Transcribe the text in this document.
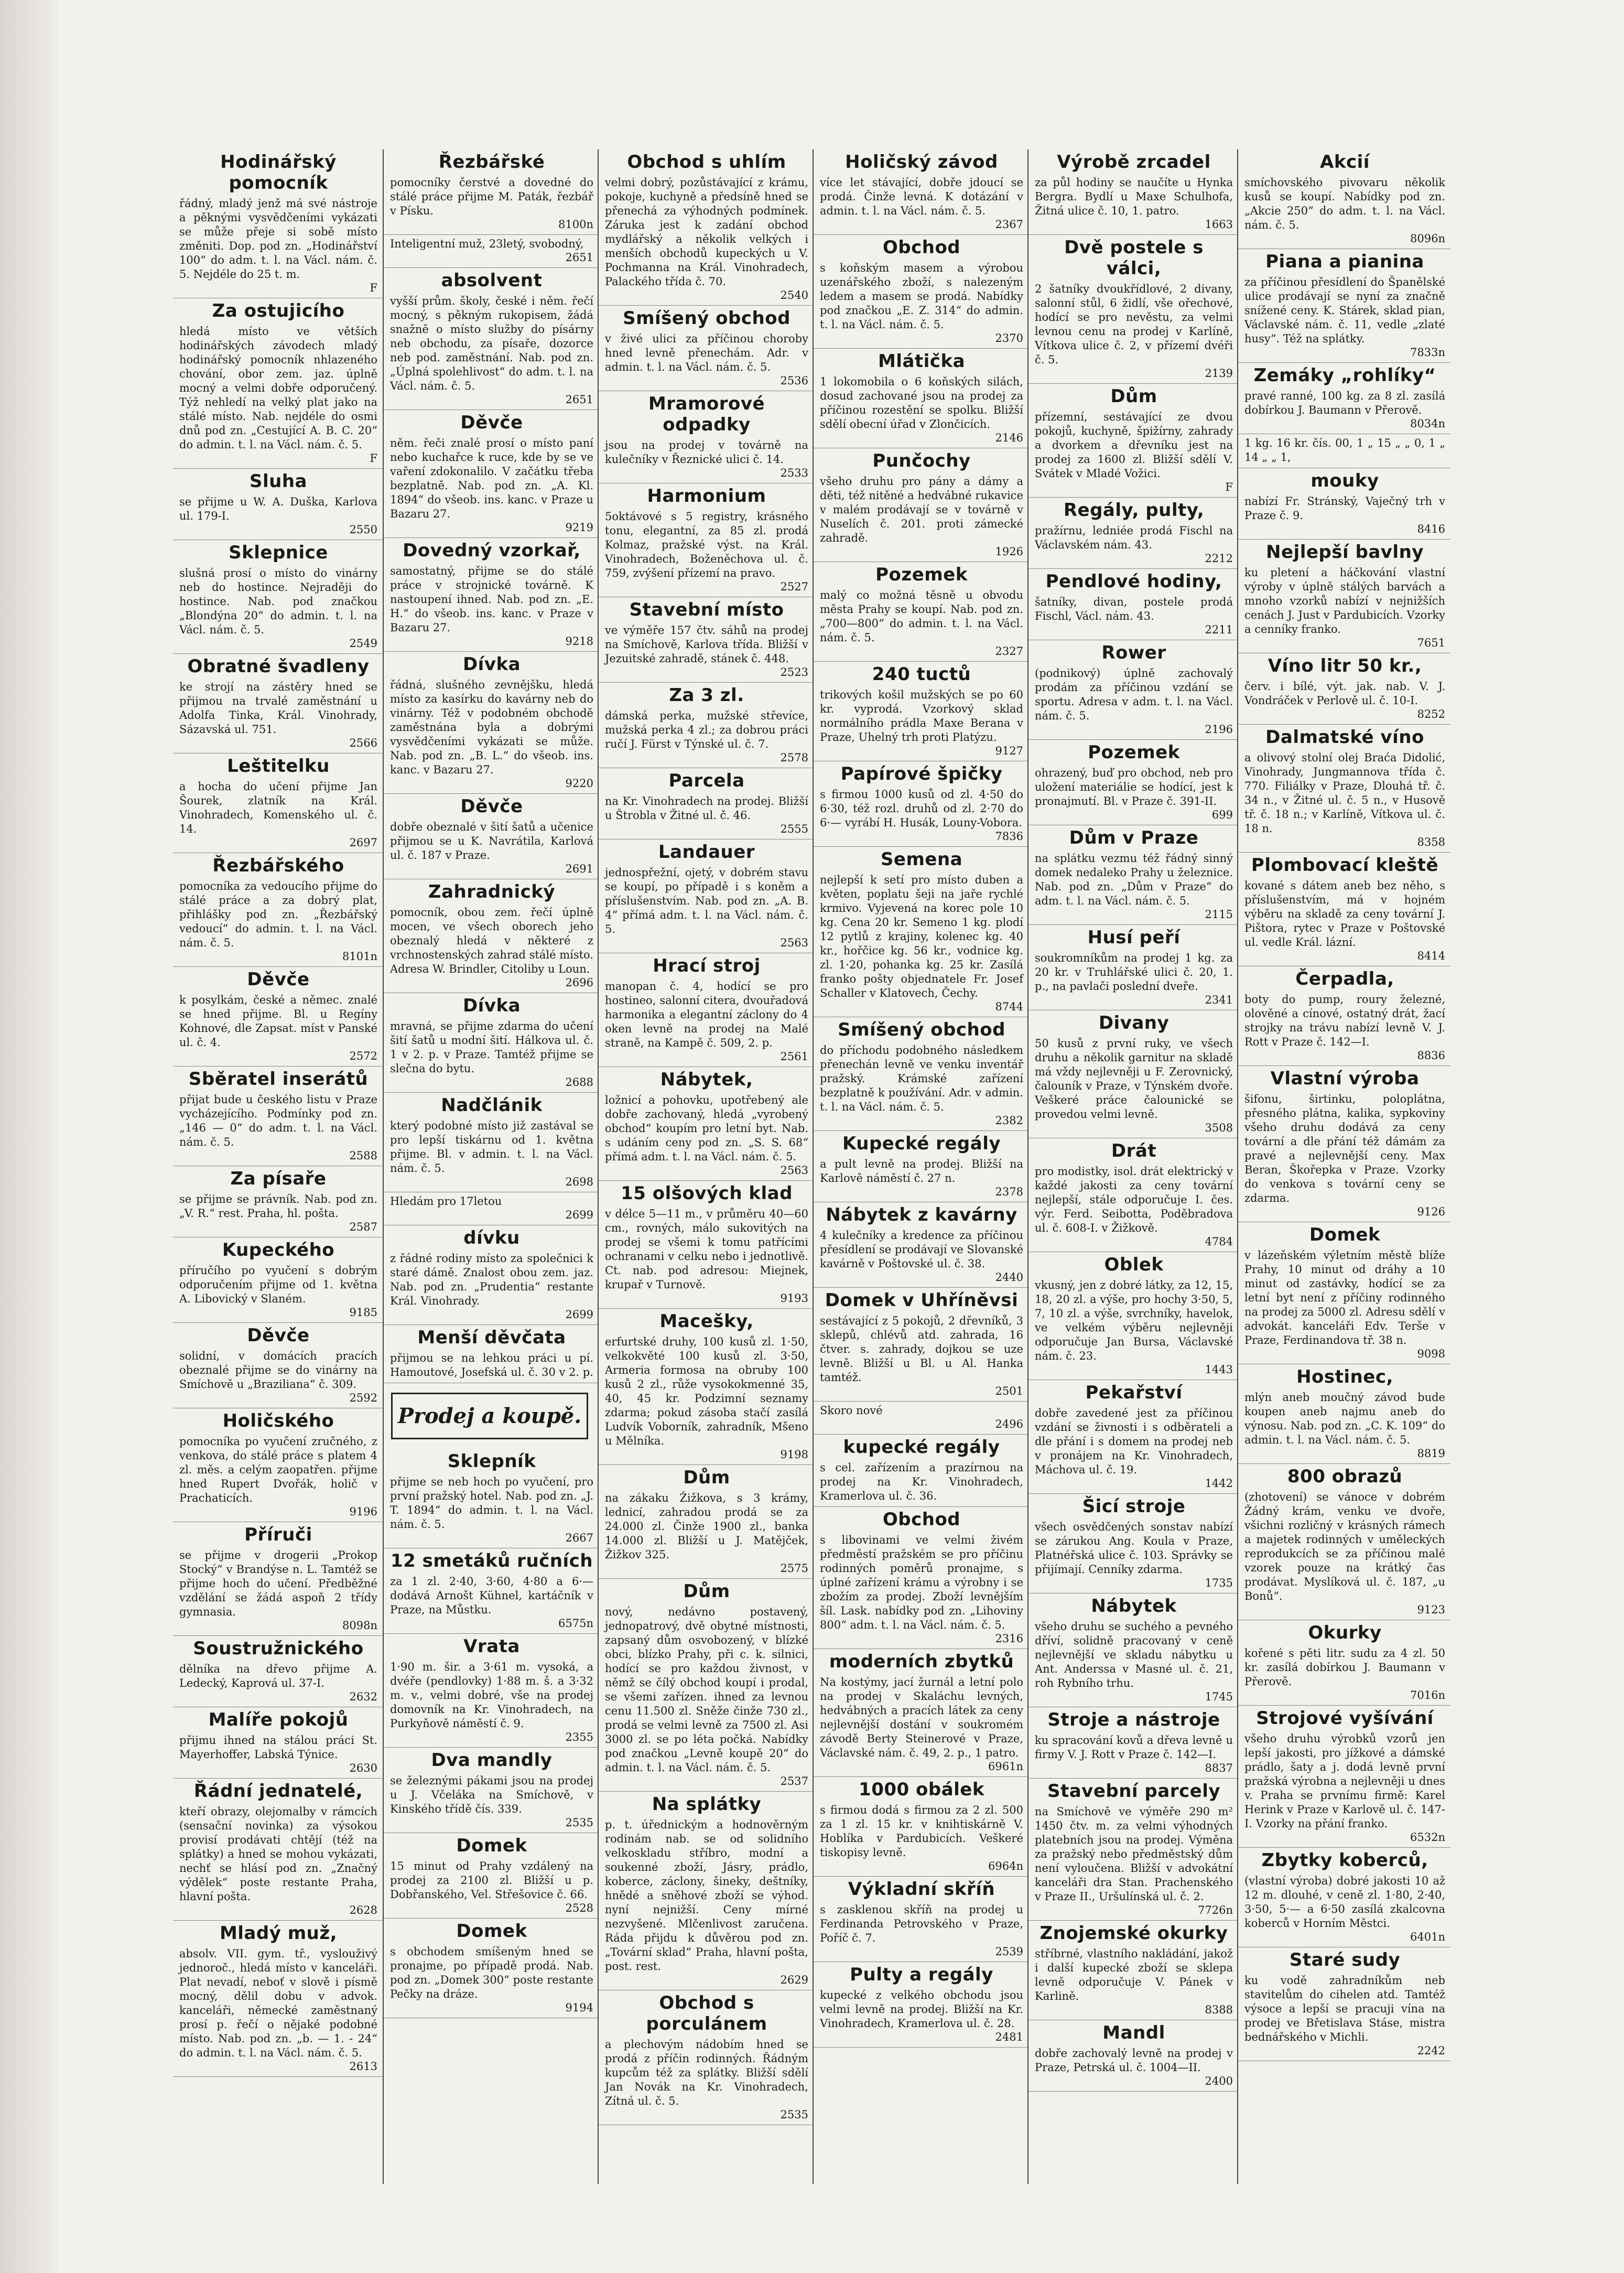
Hodinářský pomocník

řádný, mladý jenž má své nástroje a pěknými vysvědčeními vykázati se může přeje si sobě místo změniti. Dop. pod zn. „Hodinářství 100“ do adm. t. l. na Václ. nám. č. 5. Nejdéle do 25 t. m.

F
Za ostujicího

hledá místo ve větších hodinářských závodech mladý hodinářský pomocník nhlazeného chování, obor zem. jaz. úplně mocný a velmi dobře odporučený. Týž nehledí na velký plat jako na stálé místo. Nab. nejdéle do osmi dnů pod zn. „Cestující A. B. C. 20“ do admin. t. l. na Václ. nám. č. 5.

F
Sluha

se přijme u W. A. Duška, Karlova ul. 179-I.

2550
Sklepnice

slušná prosí o místo do vinárny neb do hostince. Nejraději do hostince. Nab. pod značkou „Blondýna 20“ do admin. t. l. na Václ. nám. č. 5.

2549
Obratné švadleny

ke strojí na zástěry hned se přijmou na trvalé zaměstnání u Adolfa Tinka, Král. Vinohrady, Sázavská ul. 751.

2566
Leštitelku

a hocha do učení přijme Jan Šourek, zlatník na Král. Vinohradech, Komenského ul. č. 14.

2697
Řezbářského

pomocníka za vedoucího přijme do stálé práce a za dobrý plat, přihlášky pod zn. „Řezbářský vedoucí“ do admin. t. l. na Václ. nám. č. 5.

8101n
Děvče

k posylkám, české a němec. znalé se hned přijme. Bl. u Regíny Kohnové, dle Zapsat. míst v Panské ul. č. 4.

2572
Sběratel inserátů

přijat bude u českého listu v Praze vycházejícího. Podmínky pod zn. „146 — 0“ do adm. t. l. na Václ. nám. č. 5.

2588
Za písaře

se přijme se právník. Nab. pod zn. „V. R.“ rest. Praha, hl. pošta.

2587
Kupeckého

příručího po vyučení s dobrým odporučením přijme od 1. května A. Libovický v Slaném.

9185
Děvče

solidní, v domácích pracích obeznalé přijme se do vinárny na Smíchově u „Brazilianа“ č. 309.

2592
Holičského

pomocníka po vyučení zručného, z venkova, do stálé práce s platem 4 zl. měs. a celým zaopatřen. přijme hned Rupert Dvořák, holič v Prachaticích.

9196
Příruči

se přijme v drogerii „Prokop Stocký“ v Brandýse n. L. Tamtéž se přijme hoch do učení. Předběžné vzdělání se žádá aspoň 2 třídy gymnasia.

8098n
Soustružnického

dělníka na dřevo přijme A. Ledecký, Kaprová ul. 37-I.

2632
Malíře pokojů

přijmu ihned na stálou práci St. Mayerhoffer, Labská Týnice.

2630
Řádní jednatelé,

kteří obrazy, olejomalby v rámcích (sensační novinka) za výsokou provisí prodávati chtějí (též na splátky) a hned se mohou vykázati, nechť se hlásí pod zn. „Značný výdělek“ poste restante Praha, hlavní pošta.

2628
Mladý muž,

absolv. VII. gym. tř., vyslouživý jednoroč., hledá místo v kanceláři. Plat nevadí, neboť v slově i písmě mocný, dělil dobu v advok. kanceláři, německé zaměstnaný prosí p. řečí o nějaké podobné místo. Nab. pod zn. „b. — 1. - 24“ do admin. t. l. na Václ. nám. č. 5.

2613
Řezbářské

pomocníky čerstvé a dovedné do stálé práce přijme M. Paták, řezbář v Písku.

8100n

Inteligentní muž, 23letý, svobodný,

2651
absolvent

vyšší prům. školy, české i něm. řečí mocný, s pěkným rukopisem, žádá snažně o místo služby do písárny neb obchodu, za písaře, dozorce neb pod. zaměstnání. Nab. pod zn. „Úplná spolehlivost“ do adm. t. l. na Václ. nám. č. 5.

2651
Děvče

něm. řeči znalé prosí o místo paní nebo kuchařce k ruce, kde by se ve vaření zdokonalilo. V začátku třeba bezplatně. Nab. pod zn. „A. Kl. 1894“ do všeob. ins. kanc. v Praze u Bazaru 27.

9219
Dovedný vzorkař,

samostatný, přijme se do stálé práce v strojnické továrně. K nastoupení ihned. Nab. pod zn. „E. H.“ do všeob. ins. kanc. v Praze v Bazaru 27.

9218
Dívka

řádná, slušného zevnějšku, hledá místo za kasírku do kavárny neb do vinárny. Též v podobném obchodě zaměstnána byla a dobrými vysvědčeními vykázati se může. Nab. pod zn. „B. L.“ do všeob. ins. kanc. v Bazaru 27.

9220
Děvče

dobře obeznalé v šití šatů a učenice přijmou se u K. Navrátila, Karlová ul. č. 187 v Praze.

2691
Zahradnický

pomocník, obou zem. řečí úplně mocen, ve všech oborech jeho obeznalý hledá v některé z vrchnostenských zahrad stálé místo. Adresa W. Brindler, Citoliby u Loun.

2696
Dívka

mravná, se přijme zdarma do učení šití šatů u modní šití. Hálkova ul. č. 1 v 2. p. v Praze. Tamtéž přijme se slečna do bytu.

2688
Nadčlánik

který podobné místo již zastával se pro lepší tiskárnu od 1. května přijme. Bl. v admin. t. l. na Václ. nám. č. 5.

2698

Hledám pro 17letou

2699
dívku

z řádné rodiny místo za společnici k staré dámě. Znalost obou zem. jaz. Nab. pod zn. „Prudentia“ restante Král. Vinohrady.

2699
Menší děvčata

přijmou se na lehkou práci u pí. Hamoutové, Josefská ul. č. 30 v 2. p.

Prodej a koupě.
Sklepník

přijme se neb hoch po vyučení, pro první pražský hotel. Nab. pod zn. „J. T. 1894“ do admin. t. l. na Václ. nám. č. 5.

2667
12 smetáků ručních

za 1 zl. 2·40, 3·60, 4·80 a 6·— dodává Arnošt Kühnel, kartáčník v Praze, na Můstku.

6575n
Vrata

1·90 m. šir. a 3·61 m. vysoká, a dvéře (pendlovky) 1·88 m. š. a 3·32 m. v., velmi dobré, vše na prodej domovník na Kr. Vinohradech, na Purkyňově náměstí č. 9.

2355
Dva mandly

se železnými pákami jsou na prodej u J. Včeláka na Smíchově, v Kinského třídě čís. 339.

2535
Domek

15 minut od Prahy vzdálený na prodej za 2100 zl. Bližší u p. Dobřanského, Vel. Střešovice č. 66.

2528
Domek

s obchodem smíšeným hned se pronajme, po případě prodá. Nab. pod zn. „Domek 300“ poste restante Pečky na dráze.

9194
Obchod s uhlím

velmi dobrý, pozůstávající z krámu, pokoje, kuchyně a předsíně hned se přenechá za výhodných podmínek. Záruka jest k zadání obchod mydlářský a několik velkých i menších obchodů kupeckých u V. Pochmanna na Král. Vinohradech, Palackého třída č. 70.

2540
Smíšený obchod

v živé ulici za příčinou choroby hned levně přenechám. Adr. v admin. t. l. na Václ. nám. č. 5.

2536
Mramorové odpadky

jsou na prodej v továrně na kulečníky v Řeznické ulici č. 14.

2533
Harmonium

5oktávové s 5 registry, krásného tonu, elegantní, za 85 zl. prodá Kolmaz, pražské výst. na Král. Vinohradech, Boženěchova ul. č. 759, zvýšení přízemí na pravo.

2527
Stavební místo

ve výměře 157 čtv. sáhů na prodej na Smíchově, Karlova třída. Bližší v Jezuitské zahradě, stánek č. 448.

2523
Za 3 zl.

dámská perka, mužské střevíce, mužská perka 4 zl.; za dobrou práci ručí J. Fürst v Týnské ul. č. 7.

2578
Parcela

na Kr. Vinohradech na prodej. Bližší u Štrobla v Žitné ul. č. 46.

2555
Landauer

jednospřežní, ojetý, v dobrém stavu se koupí, po případě i s koněm a příslušenstvím. Nab. pod zn. „A. B. 4“ přímá adm. t. l. na Václ. nám. č. 5.

2563
Hrací stroj

manopan č. 4, hodící se pro hostineo, salonní citera, dvouřadová harmonika a elegantní záclony do 4 oken levně na prodej na Malé straně, na Kampě č. 509, 2. p.

2561
Nábytek,

ložnicí a pohovku, upotřebený ale dobře zachovaný, hledá „vyrobený obchod“ koupím pro letní byt. Nab. s udáním ceny pod zn. „S. S. 68“ přímá adm. t. l. na Václ. nám. č. 5.

2563
15 olšových klad

v délce 5—11 m., v průměru 40—60 cm., rovných, málo sukovitých na prodej se všemi k tomu patřícími ochranami v celku nebo i jednotlivě. Ct. nab. pod adresou: Miejnek, krupař v Turnově.

9193
Macešky,

erfurtské druhy, 100 kusů zl. 1·50, velkokvěté 100 kusů zl. 3·50, Armeria formosa na obruby 100 kusů 2 zl., růže vysokokmenné 35, 40, 45 kr. Podzimní seznamy zdarma; pokud zásoba stačí zasílá Ludvík Voborník, zahradník, Mšeno u Mělníka.

9198
Dům

na zákaku Žižkova, s 3 krámy, lednicí, zahradou prodá se za 24.000 zl. Činže 1900 zl., banka 14.000 zl. Bližší u J. Matějček, Žižkov 325.

2575
Dům

nový, nedávno postavený, jednopatrový, dvě obytné místnosti, zapsaný dům osvobozený, v blízké obci, blízko Prahy, při c. k. silnici, hodící se pro každou živnost, v němž se čílý obchod koupí i prodal, se všemi zařízen. ihned za levnou cenu 11.500 zl. Sněže činže 730 zl., prodá se velmi levně za 7500 zl. Asi 3000 zl. se po léta počká. Nabídky pod značkou „Levně koupě 20“ do admin. t. l. na Václ. nám. č. 5.

2537
Na splátky

p. t. úřednickým a hodnověrným rodinám nab. se od solidního velkoskladu stříbro, modní a soukenné zboží, Jásry, prádlo, koberce, záclony, šineky, deštníky, hnědé a sněhové zboží se výhod. nyní nejnižší. Ceny mírné nezvyšené. Mlčenlivost zaručena. Ráda přijdu k důvěrou pod zn. „Tovární sklad“ Praha, hlavní pošta, post. rest.

2629
Obchod s porculánem

a plechovým nádobím hned se prodá z příčin rodinných. Řádným kupcům též za splátky. Bližší sdělí Jan Novák na Kr. Vinohradech, Zítná ul. č. 5.

2535
Holičský závod

více let stávající, dobře jdoucí se prodá. Činže levná. K dotázání v admin. t. l. na Václ. nám. č. 5.

2367
Obchod

s koňským masem a výrobou uzenářského zboží, s nalezeným ledem a masem se prodá. Nabídky pod značkou „E. Z. 314“ do admin. t. l. na Václ. nám. č. 5.

2370
Mlátička

1 lokomobila o 6 koňských silách, dosud zachované jsou na prodej za příčinou rozestění se spolku. Bližší sdělí obecní úřad v Zlončicích.

2146
Punčochy

všeho druhu pro pány a dámy a děti, též nitěné a hedvábné rukavice v malém prodávají se v továrně v Nuselích č. 201. proti zámecké zahradě.

1926
Pozemek

malý co možná těsně u obvodu města Prahy se koupí. Nab. pod zn. „700—800“ do admin. t. l. na Václ. nám. č. 5.

2327
240 tuctů

trikových košil mužských se po 60 kr. vyprodá. Vzorkový sklad normálního prádla Maxe Berana v Praze, Uhelný trh proti Platýzu.

9127
Papírové špičky

s firmou 1000 kusů od zl. 4·50 do 6·30, též rozl. druhů od zl. 2·70 do 6·— vyrábí H. Husák, Louny-Vobora.

7836
Semena

nejlepší k setí pro místo duben a květen, poplatu šeji na jaře rychlé krmivo. Vyjevená na korec pole 10 kg. Cena 20 kr. Semeno 1 kg. plodí 12 pytlů z krajiny, kolenec kg. 40 kr., hořčice kg. 56 kr., vodnice kg. zl. 1·20, pohanka kg. 25 kr. Zasílá franko pošty objednatele Fr. Josef Schaller v Klatovech, Čechy.

8744
Smíšený obchod

do příchodu podobného následkem přenechán levně ve venku inventář pražský. Krámské zařízení bezplatně k používání. Adr. v admin. t. l. na Václ. nám. č. 5.

2382
Kupecké regály

a pult levně na prodej. Bližší na Karlově náměstí č. 27 n.

2378
Nábytek z kavárny

4 kulečníky a kredence za příčinou přesídlení se prodávají ve Slovanské kavárně v Poštovské ul. č. 38.

2440
Domek v Uhříněvsi

sestávající z 5 pokojů, 2 dřevníků, 3 sklepů, chlévů atd. zahrada, 16 čtver. s. zahrady, dojkou se uze levně. Bližší u Bl. u Al. Hanka tamtéž.

2501

Skoro nové

2496
kupecké regály

s cel. zařízením a prazírnou na prodej na Kr. Vinohradech, Kramerlova ul. č. 36.

Obchod

s libovinami ve velmi živém předměstí pražském se pro příčinu rodinných poměrů pronajme, s úplné zařízení krámu a výrobny i se zbožím za prodej. Zboží levnějším šíl. Lask. nabídky pod zn. „Lihoviny 800“ adm. t. l. na Václ. nám. č. 5.

2316
moderních zbytků

Na kostýmy, jací žurnál a letní polo na prodej v Skaláchu levných, hedvábných a pracích látek za ceny nejlevnější dostání v soukromém závodě Berty Steinerové v Praze, Václavské nám. č. 49, 2. p., 1 patro.

6961n
1000 obálek

s firmou dodá s firmou za 2 zl. 500 za 1 zl. 15 kr. v knihtiskárně V. Hoblíka v Pardubicích. Veškeré tiskopisy levně.

6964n
Výkladní skříň

s zasklenou skříň na prodej u Ferdinanda Petrovského v Praze, Poříč č. 7.

2539
Pulty a regály

kupecké z velkého obchodu jsou velmi levně na prodej. Bližší na Kr. Vinohradech, Kramerlova ul. č. 28.

2481
Výrobě zrcadel

za půl hodiny se naučíte u Hynka Bergra. Bydlí u Maxe Schulhofa, Žitná ulice č. 10, 1. patro.

1663
Dvě postele s válci,

2 šatníky dvoukřídlové, 2 divany, salonní stůl, 6 židlí, vše ořechové, hodící se pro nevěstu, za velmi levnou cenu na prodej v Karlíně, Vítkova ulice č. 2, v přízemí dvéři č. 5.

2139
Dům

přízemní, sestávající ze dvou pokojů, kuchyně, špižírny, zahrady a dvorkem a dřevníku jest na prodej za 1600 zl. Bližší sdělí V. Svátek v Mladé Vožici.

F
Regály, pulty,

pražírnu, ledniée prodá Fischl na Václavském nám. 43.

2212
Pendlové hodiny,

šatníky, divan, postele prodá Fischl, Václ. nám. 43.

2211
Rower

(podnikový) úplně zachovalý prodám za příčinou vzdání se sportu. Adresa v adm. t. l. na Václ. nám. č. 5.

2196
Pozemek

ohrazený, buď pro obchod, neb pro uložení materiálie se hodící, jest k pronajmutí. Bl. v Praze č. 391-II.

699
Dům v Praze

na splátku vezmu též řádný sinný domek nedaleko Prahy u železnice. Nab. pod zn. „Dům v Praze“ do adm. t. l. na Václ. nám. č. 5.

2115
Husí peří

soukromníkům na prodej 1 kg. za 20 kr. v Truhlářské ulici č. 20, 1. p., na pavlači poslední dveře.

2341
Divany

50 kusů z první ruky, ve všech druhu a několik garnitur na skladě má vždy nejlevněji u F. Zerovnický, čalouník v Praze, v Týnském dvoře. Veškeré práce čalounické se provedou velmi levně.

3508
Drát

pro modistky, isol. drát elektrický v každé jakosti za ceny tovární nejlepší, stále odporučuje I. čes. výr. Ferd. Seibotta, Poděbradova ul. č. 608-I. v Žižkově.

4784
Oblek

vkusný, jen z dobré látky, za 12, 15, 18, 20 zl. a výše, pro hochy 3·50, 5, 7, 10 zl. a výše, svrchníky, havelok, ve velkém výběru nejlevněji odporučuje Jan Bursa, Václavské nám. č. 23.

1443
Pekařství

dobře zavedené jest za příčinou vzdání se živnosti i s odběrateli a dle přání i s domem na prodej neb v pronájem na Kr. Vinohradech, Máchova ul. č. 19.

1442
Šicí stroje

všech osvědčených sonstav nabízí se zárukou Ang. Koula v Praze, Platnéřská ulice č. 103. Správky se přijímají. Cenníky zdarma.

1735
Nábytek

všeho druhu se suchého a pevného dříví, solidně pracovaný v ceně nejlevnější ve skladu nábytku u Ant. Anderssa v Masné ul. č. 21, roh Rybního trhu.

1745
Stroje a nástroje

ku spracování kovů a dřeva levně u firmy V. J. Rott v Praze č. 142—I.

8837
Stavební parcely

na Smíchově ve výměře 290 m² 1450 čtv. m. za velmi výhodných platebních jsou na prodej. Výměna za pražský nebo předměstský dům není vyloučena. Bližší v advokátní kanceláři dra Stan. Prachenského v Praze II., Uršulínská ul. č. 2.

7726n
Znojemské okurky

stříbrné, vlastního nakládání, jakož i další kupecké zboží se sklepa levně odporučuje V. Pánek v Karlině.

8388
Mandl

dobře zachovalý levně na prodej v Praze, Petrská ul. č. 1004—II.

2400
Akcií

smíchovského pivovaru několik kusů se koupí. Nabídky pod zn. „Akcie 250“ do adm. t. l. na Václ. nám. č. 5.

8096n
Piana a pianina

za příčinou přesídlení do Španělské ulice prodávají se nyní za značně snížené ceny. K. Stárek, sklad pian, Václavské nám. č. 11, vedle „zlaté husy“. Též na splátky.

7833n
Zemáky „rohlíky“

pravé ranné, 100 kg. za 8 zl. zasílá dobírkou J. Baumann v Přerově.

8034n

1 kg. 16 kr. čís. 00, 1 „ 15 „ „ 0, 1 „ 14 „ „ 1,

mouky

nabízí Fr. Stránský, Vaječný trh v Praze č. 9.

8416
Nejlepší bavlny

ku pletení a háčkování vlastní výroby v úplně stálých barvách a mnoho vzorků nabízí v nejnižších cenách J. Just v Pardubicích. Vzorky a cenníky franko.

7651
Víno litr 50 kr.,

červ. i bílé, výt. jak. nab. V. J. Vondráček v Perlově ul. č. 10-I.

8252
Dalmatské víno

a olivový stolní olej Braća Didolić, Vinohrady, Jungmannova třída č. 770. Filiálky v Praze, Dlouhá tř. č. 34 n., v Žitné ul. č. 5 n., v Husově tř. č. 18 n.; v Karlíně, Vítkova ul. č. 18 n.

8358
Plombovací kleště

kované s dátem aneb bez něho, s příslušenstvím, má v hojném výběru na skladě za ceny tovární J. Pištora, rytec v Praze v Poštovské ul. vedle Král. lázní.

8414
Čerpadla,

boty do pump, roury železné, olověné a cínové, ostatný drát, žací strojky na trávu nabízí levně V. J. Rott v Praze č. 142—I.

8836
Vlastní výroba

šifonu, širtinku, poloplátna, přesného plátna, kalika, sypkoviny všeho druhu dodává za ceny tovární a dle přání též dámám za pravé a nejlevnější ceny. Max Beran, Škořepka v Praze. Vzorky do venkova s tovární ceny se zdarma.

9126
Domek

v lázeňském výletním městě blíže Prahy, 10 minut od dráhy a 10 minut od zastávky, hodící se za letní byt není z příčiny rodinného na prodej za 5000 zl. Adresu sdělí v advokát. kanceláři Edv. Terše v Praze, Ferdinandova tř. 38 n.

9098
Hostinec,

mlýn aneb moučný závod bude koupen aneb najmu aneb do výnosu. Nab. pod zn. „C. K. 109“ do admin. t. l. na Václ. nám. č. 5.

8819
800 obrazů

(zhotovení) se vánoce v dobrém Žádný krám, venku ve dvoře, všichni rozličný v krásných rámech a majetek rodinných v uměleckých reprodukcích se za příčinou malé vzorek pouze na krátký čas prodávat. Myslíková ul. č. 187, „u Bonů“.

9123
Okurky

kořené s pěti litr. sudu za 4 zl. 50 kr. zasílá dobírkou J. Baumann v Přerově.

7016n
Strojové vyšívání

všeho druhu výrobků vzorů jen lepší jakosti, pro jížkové a dámské prádlo, šaty a j. dodá levně první pražská výrobna a nejlevněji u dnes v. Praha se prvnímu firmě: Karel Herink v Praze v Karlově ul. č. 147-I. Vzorky na přání franko.

6532n
Zbytky koberců,

(vlastní výroba) dobré jakosti 10 až 12 m. dlouhé, v ceně zl. 1·80, 2·40, 3·50, 5·— a 6·50 zasílá zkalcovna koberců v Horním Městci.

6401n
Staré sudy

ku vodě zahradníkům neb stavitelům do cihelen atd. Tamtéž výsoce a lepší se pracuji vína na prodej ve Břetislava Stáse, mistra bednářského v Michli.

2242
